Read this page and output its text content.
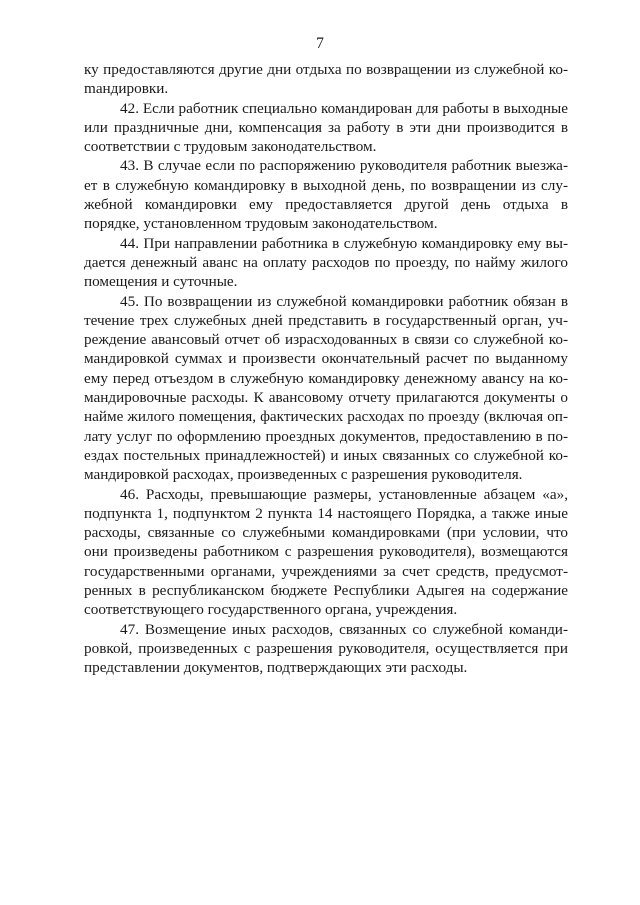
7

ку предоставляются другие дни отдыха по возвращении из служебной коmандировки.

42. Если работник специально командирован для работы в выходные или праздничные дни, компенсация за работу в эти дни производится в соответствии с трудовым законодательством.

43. В случае если по распоряжению руководителя работник выезжает в служебную командировку в выходной день, по возвращении из служебной командировки ему предоставляется другой день отдыха в порядке, установленном трудовым законодательством.

44. При направлении работника в служебную командировку ему выдается денежный аванс на оплату расходов по проезду, по найму жилого помещения и суточные.

45. По возвращении из служебной командировки работник обязан в течение трех служебных дней представить в государственный орган, учреждение авансовый отчет об израсходованных в связи со служебной командировкой суммах и произвести окончательный расчет по выданному ему перед отъездом в служебную командировку денежному авансу на командировочные расходы. К авансовому отчету прилагаются документы о найме жилого помещения, фактических расходах по проезду (включая оплату услуг по оформлению проездных документов, предоставлению в поездах постельных принадлежностей) и иных связанных со служебной командировкой расходах, произведенных с разрешения руководителя.

46. Расходы, превышающие размеры, установленные абзацем «а», подпункта 1, подпунктом 2 пункта 14 настоящего Порядка, а также иные расходы, связанные со служебными командировками (при условии, что они произведены работником с разрешения руководителя), возмещаются государственными органами, учреждениями за счет средств, предусмотренных в республиканском бюджете Республики Адыгея на содержание соответствующего государственного органа, учреждения.

47. Возмещение иных расходов, связанных со служебной командировкой, произведенных с разрешения руководителя, осуществляется при представлении документов, подтверждающих эти расходы.
